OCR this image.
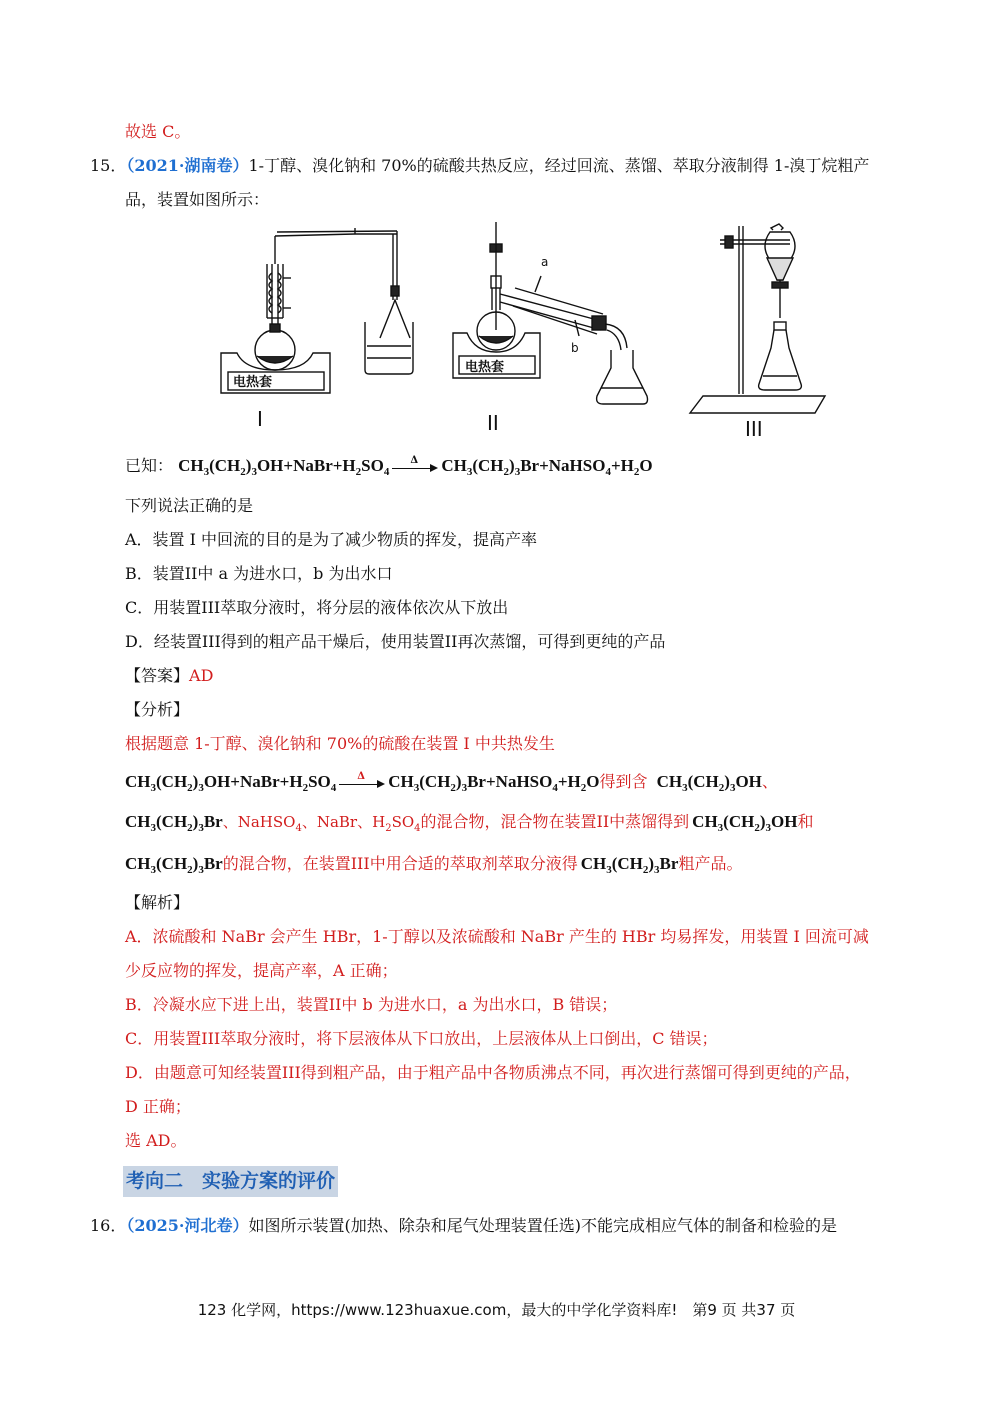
故选 C。
15．（2021·湖南卷）1-丁醇、溴化钠和 70%的硫酸共热反应，经过回流、蒸馏、萃取分液制得 1-溴丁烷粗产
品，装置如图所示：
电热套
电热套
a
b
I	II	III
已知： $CH_3(CH_2)_3OH+NaBr+H_2SO_4$
Δ $CH_3(CH_2)_3Br+NaHSO_4+H_2O$
下列说法正确的是
A．装置 I 中回流的目的是为了减少物质的挥发，提高产率
B．装置II中 a 为进水口，b 为出水口
C．用装置III萃取分液时，将分层的液体依次从下放出
D．经装置III得到的粗产品干燥后，使用装置II再次蒸馏，可得到更纯的产品
【答案】AD
【分析】
根据题意 1-丁醇、溴化钠和 70%的硫酸在装置 I 中共热发生
$CH_3(CH_2)_3OH+NaBr+H_2SO_4$
Δ $CH_3(CH_2)_3Br+NaHSO_4+H_2O$得到含 $CH_3(CH_2)_3OH$、
$CH_3(CH_2)_3Br$、NaHSO$_4$、NaBr、$H_2SO_4$的混合物，混合物在装置II中蒸馏得到 $CH_3(CH_2)_3OH$和
$CH_3(CH_2)_3Br$的混合物，在装置III中用合适的萃取剂萃取分液得 $CH_3(CH_2)_3Br$粗产品。
【解析】
A．浓硫酸和 NaBr 会产生 HBr，1-丁醇以及浓硫酸和 NaBr 产生的 HBr 均易挥发，用装置 I 回流可减
少反应物的挥发，提高产率，A 正确；
B．冷凝水应下进上出，装置II中 b 为进水口，a 为出水口，B 错误；
C．用装置III萃取分液时，将下层液体从下口放出，上层液体从上口倒出，C 错误；
D．由题意可知经装置III得到粗产品，由于粗产品中各物质沸点不同，再次进行蒸馏可得到更纯的产品，
D 正确；
选 AD。
考向二　实验方案的评价
16．（2025·河北卷）如图所示装置(加热、除杂和尾气处理装置任选)不能完成相应气体的制备和检验的是
123 化学网，https://www.123huaxue.com，最大的中学化学资料库!　第9 页 共37 页
